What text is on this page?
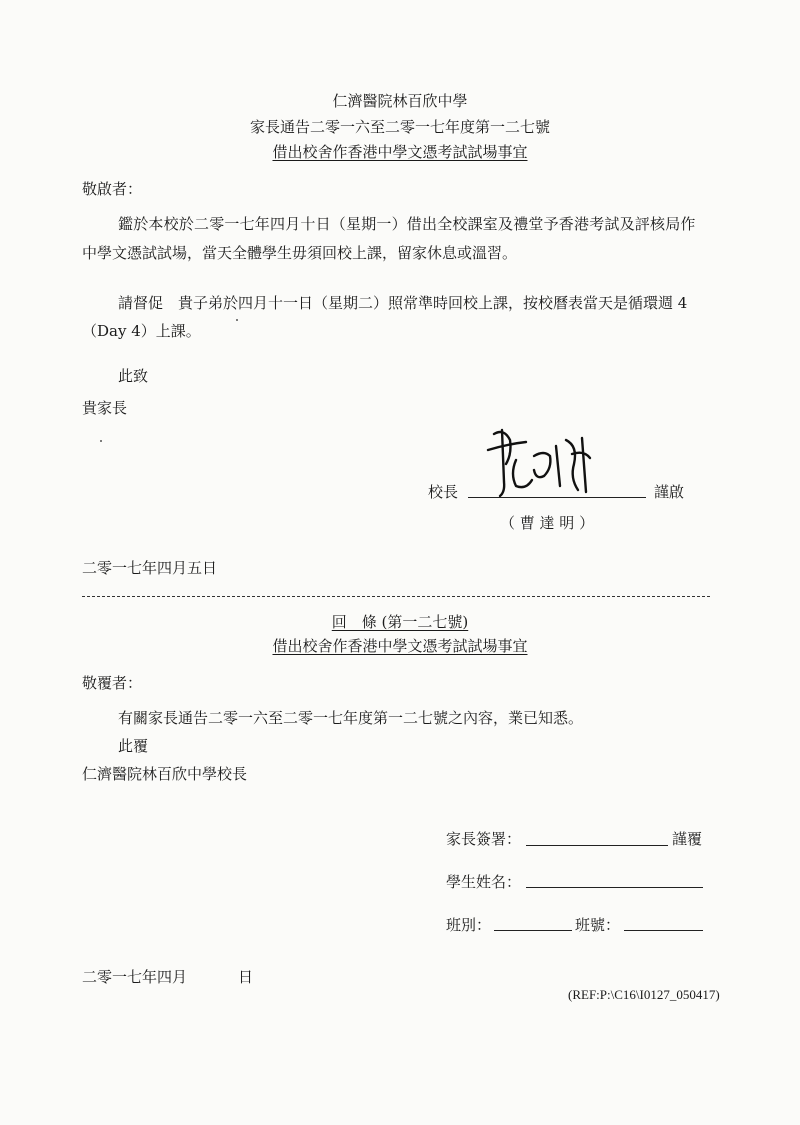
仁濟醫院林百欣中學
家長通告二零一六至二零一七年度第一二七號
借出校舍作香港中學文憑考試試場事宜
敬啟者：
鑑於本校於二零一七年四月十日（星期一）借出全校課室及禮堂予香港考試及評核局作
中學文憑試試場，當天全體學生毋須回校上課，留家休息或溫習。
請督促　貴子弟於四月十一日（星期二）照常準時回校上課，按校曆表當天是循環週 4
（Day 4）上課。
此致
貴家長
校長	謹啟
（ 曹 達 明 ）
二零一七年四月五日
回　條 (第一二七號)
借出校舍作香港中學文憑考試試場事宜
敬覆者：
有關家長通告二零一六至二零一七年度第一二七號之內容，業已知悉。
此覆
仁濟醫院林百欣中學校長
家長簽署：	謹覆
學生姓名：
班別：	班號：
二零一七年四月	日
(REF:P:\C16\I0127_050417)
